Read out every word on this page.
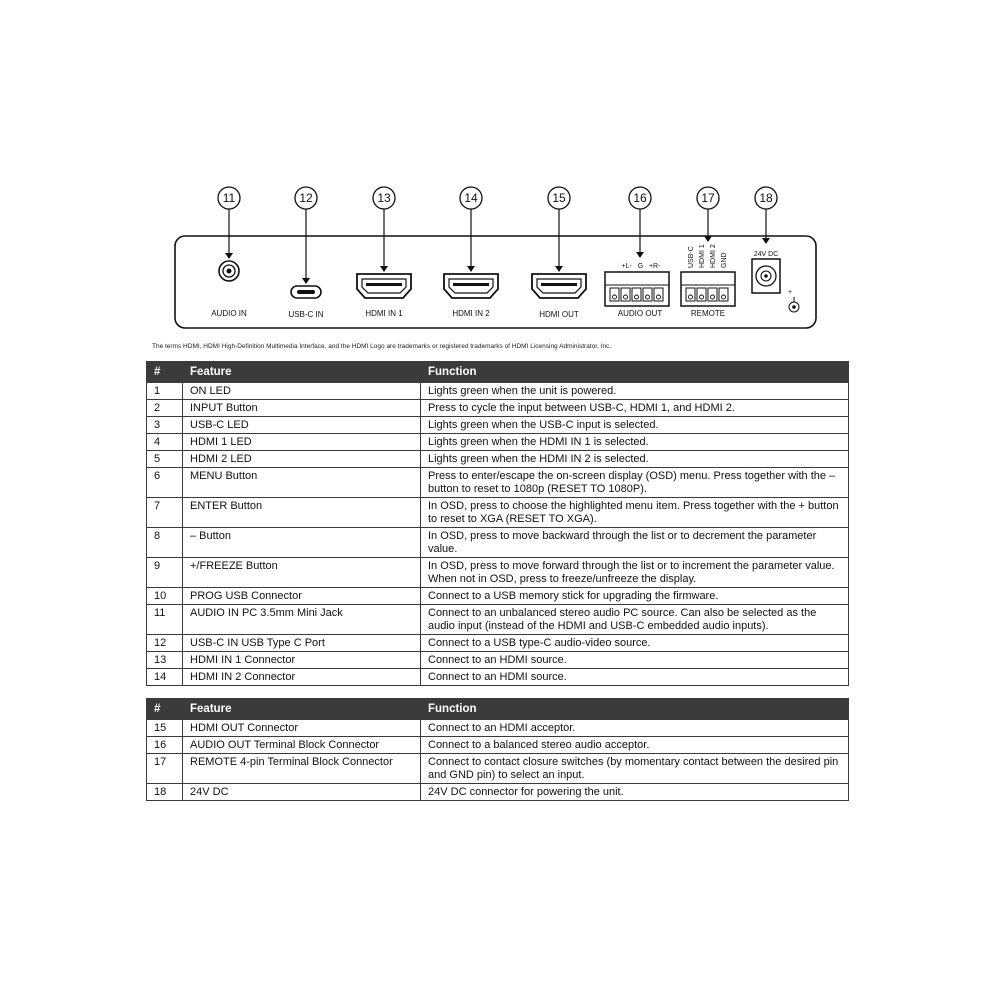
11	12	13	14	15	16	17	18
AUDIO IN	USB-C IN	HDMI IN 1	HDMI IN 2	HDMI OUT
+L-   G   +R-
AUDIO OUT
USB-C HDMI 1 HDMI 2 GND
REMOTE
24V DC
+
The terms HDMI, HDMI High-Definition Multimedia Interface, and the HDMI Logo are trademarks or registered trademarks of HDMI Licensing Administrator, Inc.
#	Feature	Function
1	ON LED	Lights green when the unit is powered.
2	INPUT Button	Press to cycle the input between USB-C, HDMI 1, and HDMI 2.
3	USB-C LED	Lights green when the USB-C input is selected.
4	HDMI 1 LED	Lights green when the HDMI IN 1 is selected.
5	HDMI 2 LED	Lights green when the HDMI IN 2 is selected.
6	MENU Button	Press to enter/escape the on-screen display (OSD) menu. Press together with the – button to reset to 1080p (RESET TO 1080P).
7	ENTER Button	In OSD, press to choose the highlighted menu item. Press together with the + button to reset to XGA (RESET TO XGA).
8	– Button	In OSD, press to move backward through the list or to decrement the parameter value.
9	+/FREEZE Button	In OSD, press to move forward through the list or to increment the parameter value. When not in OSD, press to freeze/unfreeze the display.
10	PROG USB Connector	Connect to a USB memory stick for upgrading the firmware.
11	AUDIO IN PC 3.5mm Mini Jack	Connect to an unbalanced stereo audio PC source. Can also be selected as the audio input (instead of the HDMI and USB-C embedded audio inputs).
12	USB-C IN USB Type C Port	Connect to a USB type-C audio-video source.
13	HDMI IN 1 Connector	Connect to an HDMI source.
14	HDMI IN 2 Connector	Connect to an HDMI source.
#	Feature	Function
15	HDMI OUT Connector	Connect to an HDMI acceptor.
16	AUDIO OUT Terminal Block Connector	Connect to a balanced stereo audio acceptor.
17	REMOTE 4-pin Terminal Block Connector	Connect to contact closure switches (by momentary contact between the desired pin and GND pin) to select an input.
18	24V DC	24V DC connector for powering the unit.
